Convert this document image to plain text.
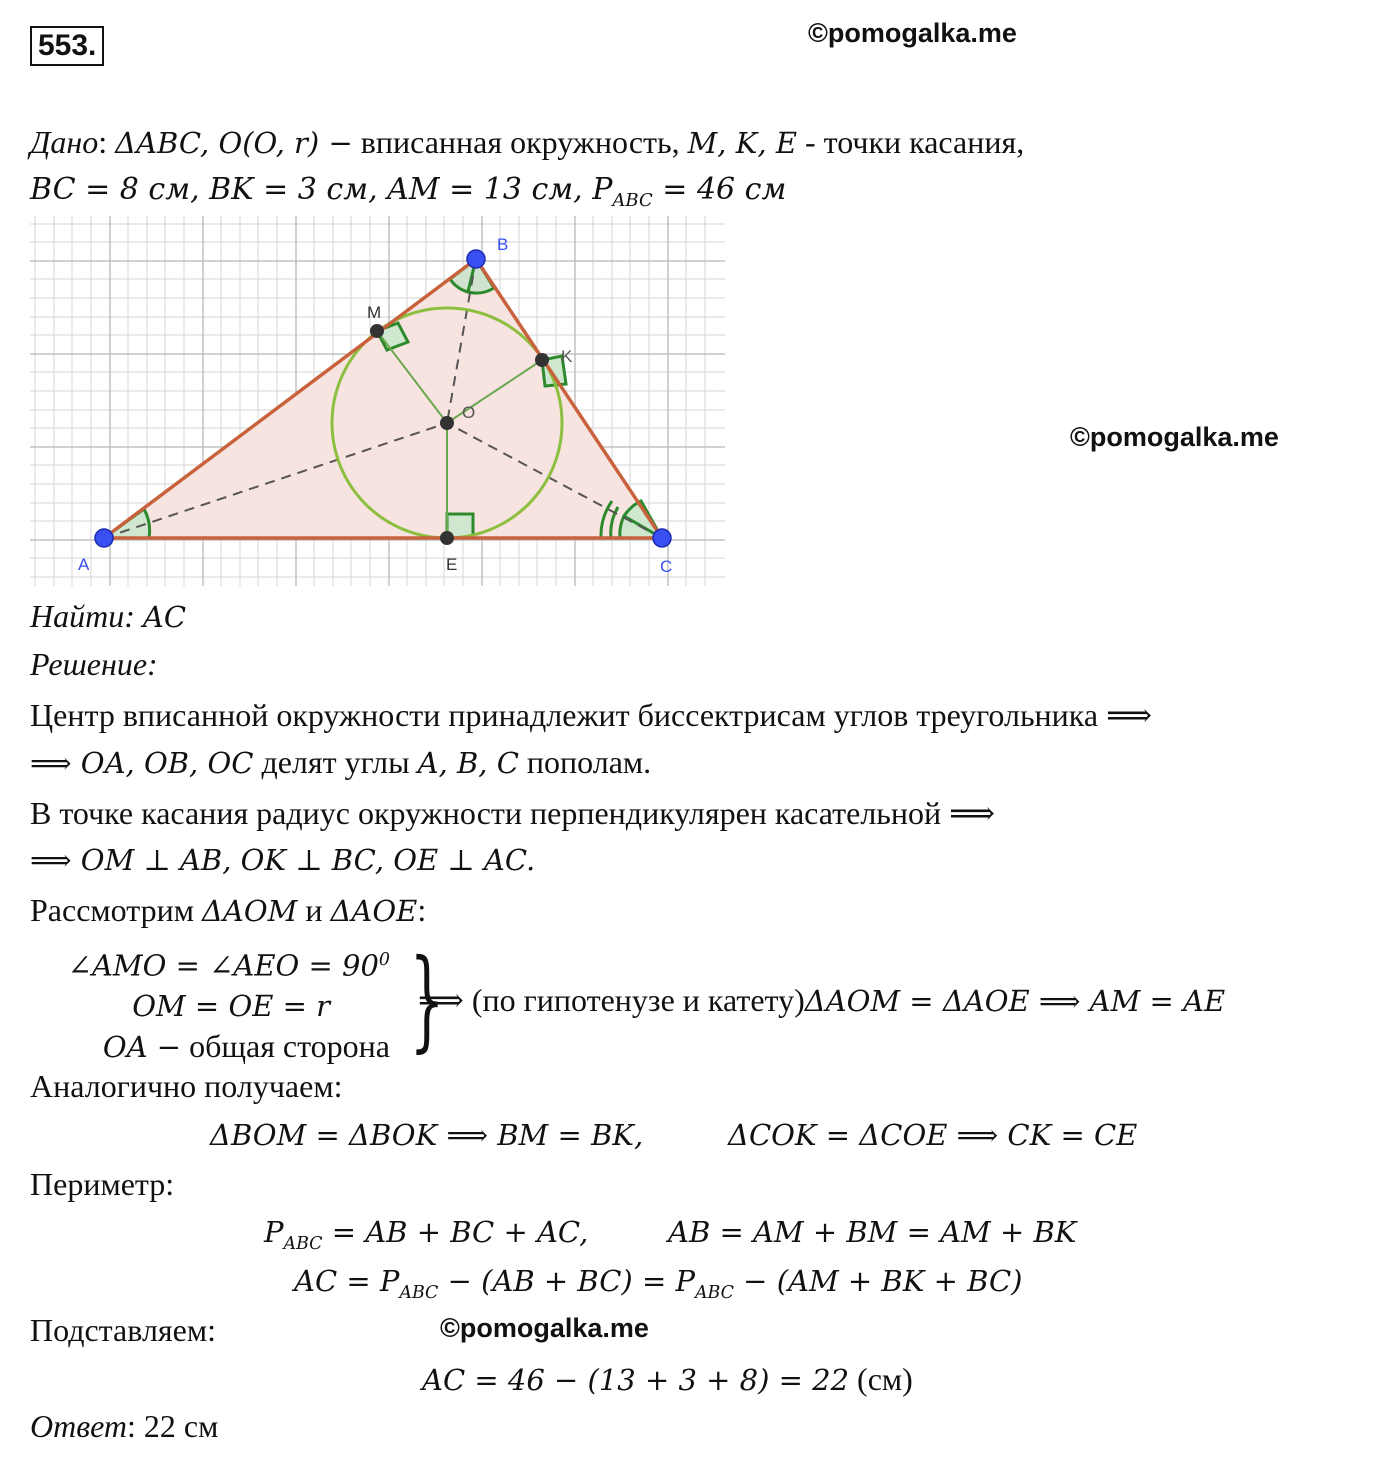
553.	©pomogalka.me
Дано: ΔABC, O(O, r) − вписанная окружность, M, K, E - точки касания,
BC = 8 см, BK = 3 см, AM = 13 см, $P_{ABC} = 46$ см
A
B
C
M
K
E
O
©pomogalka.me
Найти: AC
Решение:
Центр вписанной окружности принадлежит биссектрисам углов треугольника ⟹
⟹ OA, OB, OC делят углы A, B, C пополам.
В точке касания радиус окружности перпендикулярен касательной ⟹
⟹ OM ⊥ AB, OK ⊥ BC, OE ⊥ AC.
Рассмотрим ΔAOM и ΔAOE:
∠AMO = ∠AEO = $90^0$
OM = OE = r
OA − общая сторона }
⟹ (по гипотенузе и катету)ΔAOM = ΔAOE ⟹ AM = AE
Аналогично получаем:
ΔBOM = ΔBOK ⟹ BM = BK,	ΔCOK = ΔCOE ⟹ CK = CE
Периметр:
$P_{ABC}$ = AB + BC + AC,	AB = AM + BM = AM + BK
AC = $P_{ABC} - (AB + BC) = P_{ABC} - (AM$ + BK + BC)
Подставляем:	©pomogalka.me
AC = 46 − (13 + 3 + 8) = 22 (см)
Ответ: 22 см
